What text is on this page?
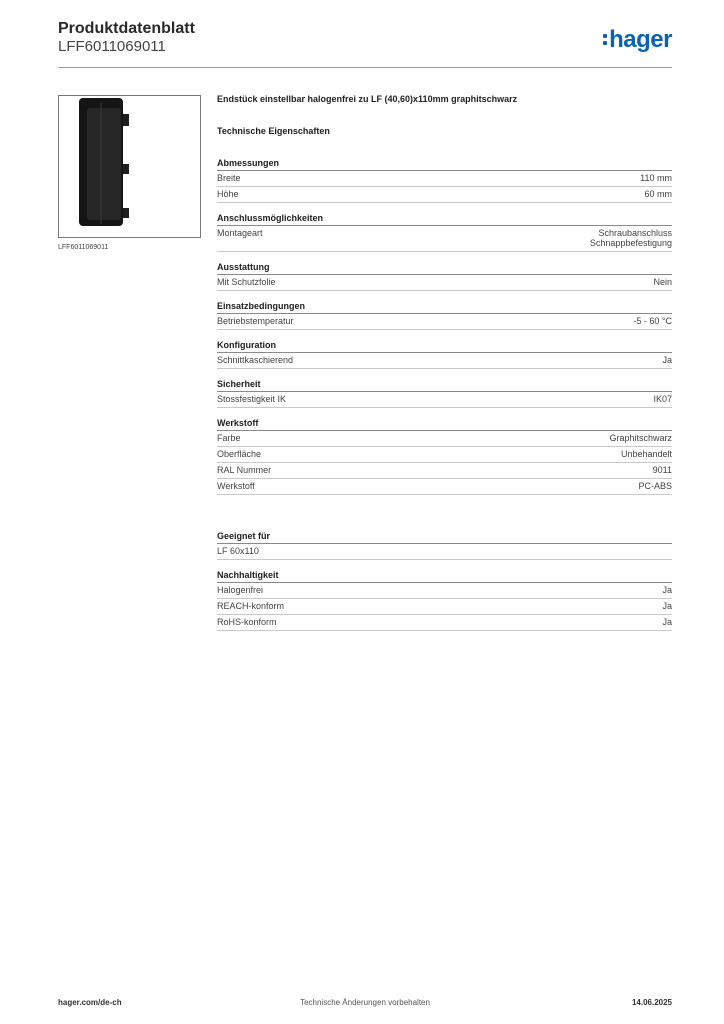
Produktdatenblatt
LFF6011069011	hager
LFF6011069011
Endstück einstellbar halogenfrei zu LF (40,60)x110mm graphitschwarz
Technische Eigenschaften
Abmessungen
Breite	110 mm
Höhe	60 mm
Anschlussmöglichkeiten
Montageart	Schraubanschluss
Schnappbefestigung
Ausstattung
Mit Schutzfolie	Nein
Einsatzbedingungen
Betriebstemperatur	-5 - 60 °C
Konfiguration
Schnittkaschierend	Ja
Sicherheit
Stossfestigkeit IK	IK07
Werkstoff
Farbe	Graphitschwarz
Oberfläche	Unbehandelt
RAL Nummer	9011
Werkstoff	PC-ABS
Geeignet für
LF 60x110
Nachhaltigkeit
Halogenfrei	Ja
REACH-konform	Ja
RoHS-konform	Ja
hager.com/de-ch	Technische Änderungen vorbehalten	14.06.2025
